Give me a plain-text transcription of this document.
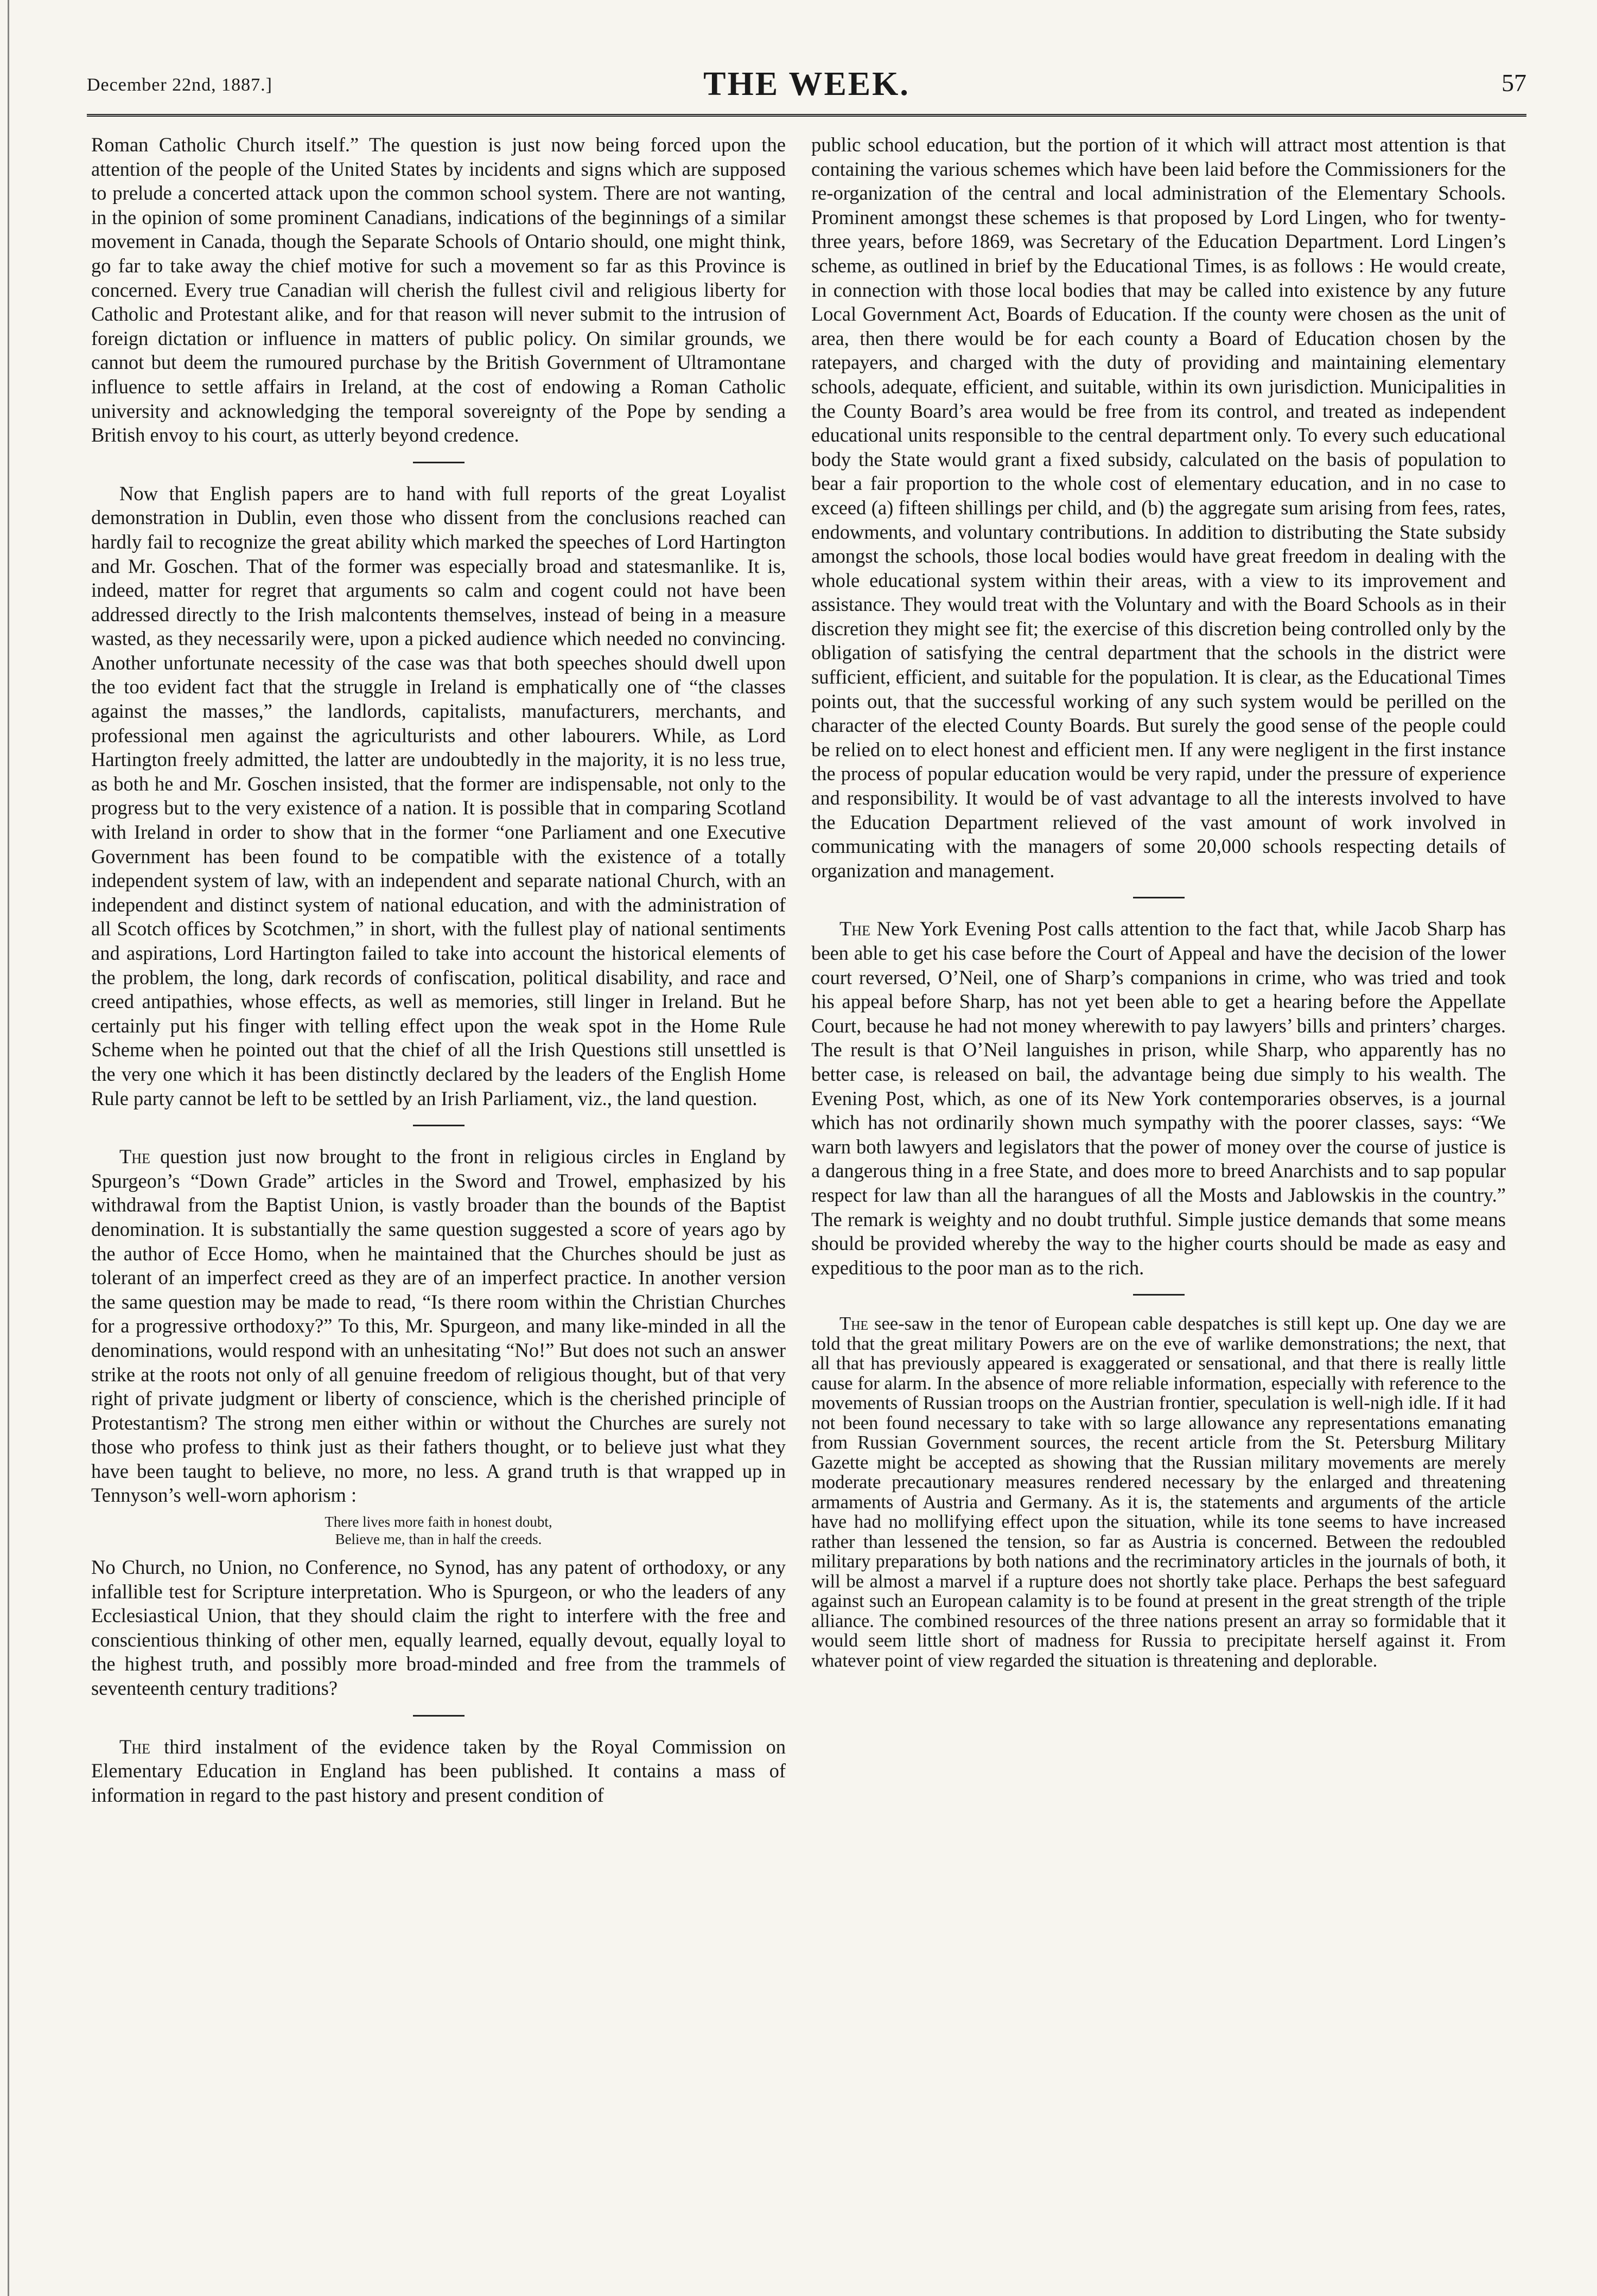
December 22nd, 1887.]	THE WEEK.	57

Roman Catholic Church itself.” The question is just now being forced upon the attention of the people of the United States by incidents and signs which are supposed to prelude a concerted attack upon the common school system. There are not wanting, in the opinion of some prominent Canadians, indications of the beginnings of a similar movement in Canada, though the Separate Schools of Ontario should, one might think, go far to take away the chief motive for such a movement so far as this Province is concerned. Every true Canadian will cherish the fullest civil and religious liberty for Catholic and Protestant alike, and for that reason will never submit to the intrusion of foreign dictation or influence in matters of public policy. On similar grounds, we cannot but deem the rumoured purchase by the British Government of Ultramontane influence to settle affairs in Ireland, at the cost of endowing a Roman Catholic university and acknowledging the temporal sovereignty of the Pope by sending a British envoy to his court, as utterly beyond credence.

Now that English papers are to hand with full reports of the great Loyalist demonstration in Dublin, even those who dissent from the conclusions reached can hardly fail to recognize the great ability which marked the speeches of Lord Hartington and Mr. Goschen. That of the former was especially broad and statesmanlike. It is, indeed, matter for regret that arguments so calm and cogent could not have been addressed directly to the Irish malcontents themselves, instead of being in a measure wasted, as they necessarily were, upon a picked audience which needed no convincing. Another unfortunate necessity of the case was that both speeches should dwell upon the too evident fact that the struggle in Ireland is emphatically one of “the classes against the masses,” the landlords, capitalists, manufacturers, merchants, and professional men against the agriculturists and other labourers. While, as Lord Hartington freely admitted, the latter are undoubtedly in the majority, it is no less true, as both he and Mr. Goschen insisted, that the former are indispensable, not only to the progress but to the very existence of a nation. It is possible that in comparing Scotland with Ireland in order to show that in the former “one Parliament and one Executive Government has been found to be compatible with the existence of a totally independent system of law, with an independent and separate national Church, with an independent and distinct system of national education, and with the administration of all Scotch offices by Scotchmen,” in short, with the fullest play of national sentiments and aspirations, Lord Hartington failed to take into account the historical elements of the problem, the long, dark records of confiscation, political disability, and race and creed antipathies, whose effects, as well as memories, still linger in Ireland. But he certainly put his finger with telling effect upon the weak spot in the Home Rule Scheme when he pointed out that the chief of all the Irish Questions still unsettled is the very one which it has been distinctly declared by the leaders of the English Home Rule party cannot be left to be settled by an Irish Parliament, viz., the land question.

The question just now brought to the front in religious circles in England by Spurgeon’s “Down Grade” articles in the Sword and Trowel, emphasized by his withdrawal from the Baptist Union, is vastly broader than the bounds of the Baptist denomination. It is substantially the same question suggested a score of years ago by the author of Ecce Homo, when he maintained that the Churches should be just as tolerant of an imperfect creed as they are of an imperfect practice. In another version the same question may be made to read, “Is there room within the Christian Churches for a progressive orthodoxy?” To this, Mr. Spurgeon, and many like-minded in all the denominations, would respond with an unhesitating “No!” But does not such an answer strike at the roots not only of all genuine freedom of religious thought, but of that very right of private judgment or liberty of conscience, which is the cherished principle of Protestantism? The strong men either within or without the Churches are surely not those who profess to think just as their fathers thought, or to believe just what they have been taught to believe, no more, no less. A grand truth is that wrapped up in Tennyson’s well-worn aphorism :

There lives more faith in honest doubt,
Believe me, than in half the creeds.

No Church, no Union, no Conference, no Synod, has any patent of orthodoxy, or any infallible test for Scripture interpretation. Who is Spurgeon, or who the leaders of any Ecclesiastical Union, that they should claim the right to interfere with the free and conscientious thinking of other men, equally learned, equally devout, equally loyal to the highest truth, and possibly more broad-minded and free from the trammels of seventeenth century traditions?

The third instalment of the evidence taken by the Royal Commission on Elementary Education in England has been published. It contains a mass of information in regard to the past history and present condition of

public school education, but the portion of it which will attract most attention is that containing the various schemes which have been laid before the Commissioners for the re-organization of the central and local administration of the Elementary Schools. Prominent amongst these schemes is that proposed by Lord Lingen, who for twenty-three years, before 1869, was Secretary of the Education Department. Lord Lingen’s scheme, as outlined in brief by the Educational Times, is as follows : He would create, in connection with those local bodies that may be called into existence by any future Local Government Act, Boards of Education. If the county were chosen as the unit of area, then there would be for each county a Board of Education chosen by the ratepayers, and charged with the duty of providing and maintaining elementary schools, adequate, efficient, and suitable, within its own jurisdiction. Municipalities in the County Board’s area would be free from its control, and treated as independent educational units responsible to the central department only. To every such educational body the State would grant a fixed subsidy, calculated on the basis of population to bear a fair proportion to the whole cost of elementary education, and in no case to exceed (a) fifteen shillings per child, and (b) the aggregate sum arising from fees, rates, endowments, and voluntary contributions. In addition to distributing the State subsidy amongst the schools, those local bodies would have great freedom in dealing with the whole educational system within their areas, with a view to its improvement and assistance. They would treat with the Voluntary and with the Board Schools as in their discretion they might see fit; the exercise of this discretion being controlled only by the obligation of satisfying the central department that the schools in the district were sufficient, efficient, and suitable for the population. It is clear, as the Educational Times points out, that the successful working of any such system would be perilled on the character of the elected County Boards. But surely the good sense of the people could be relied on to elect honest and efficient men. If any were negligent in the first instance the process of popular education would be very rapid, under the pressure of experience and responsibility. It would be of vast advantage to all the interests involved to have the Education Department relieved of the vast amount of work involved in communicating with the managers of some 20,000 schools respecting details of organization and management.

The New York Evening Post calls attention to the fact that, while Jacob Sharp has been able to get his case before the Court of Appeal and have the decision of the lower court reversed, O’Neil, one of Sharp’s companions in crime, who was tried and took his appeal before Sharp, has not yet been able to get a hearing before the Appellate Court, because he had not money wherewith to pay lawyers’ bills and printers’ charges. The result is that O’Neil languishes in prison, while Sharp, who apparently has no better case, is released on bail, the advantage being due simply to his wealth. The Evening Post, which, as one of its New York contemporaries observes, is a journal which has not ordinarily shown much sympathy with the poorer classes, says: “We warn both lawyers and legislators that the power of money over the course of justice is a dangerous thing in a free State, and does more to breed Anarchists and to sap popular respect for law than all the harangues of all the Mosts and Jablowskis in the country.” The remark is weighty and no doubt truthful. Simple justice demands that some means should be provided whereby the way to the higher courts should be made as easy and expeditious to the poor man as to the rich.

The see-saw in the tenor of European cable despatches is still kept up. One day we are told that the great military Powers are on the eve of warlike demonstrations; the next, that all that has previously appeared is exaggerated or sensational, and that there is really little cause for alarm. In the absence of more reliable information, especially with reference to the movements of Russian troops on the Austrian frontier, speculation is well-nigh idle. If it had not been found necessary to take with so large allowance any representations emanating from Russian Government sources, the recent article from the St. Petersburg Military Gazette might be accepted as showing that the Russian military movements are merely moderate precautionary measures rendered necessary by the enlarged and threatening armaments of Austria and Germany. As it is, the statements and arguments of the article have had no mollifying effect upon the situation, while its tone seems to have increased rather than lessened the tension, so far as Austria is concerned. Between the redoubled military preparations by both nations and the recriminatory articles in the journals of both, it will be almost a marvel if a rupture does not shortly take place. Perhaps the best safeguard against such an European calamity is to be found at present in the great strength of the triple alliance. The combined resources of the three nations present an array so formidable that it would seem little short of madness for Russia to precipitate herself against it. From whatever point of view regarded the situation is threatening and deplorable.
